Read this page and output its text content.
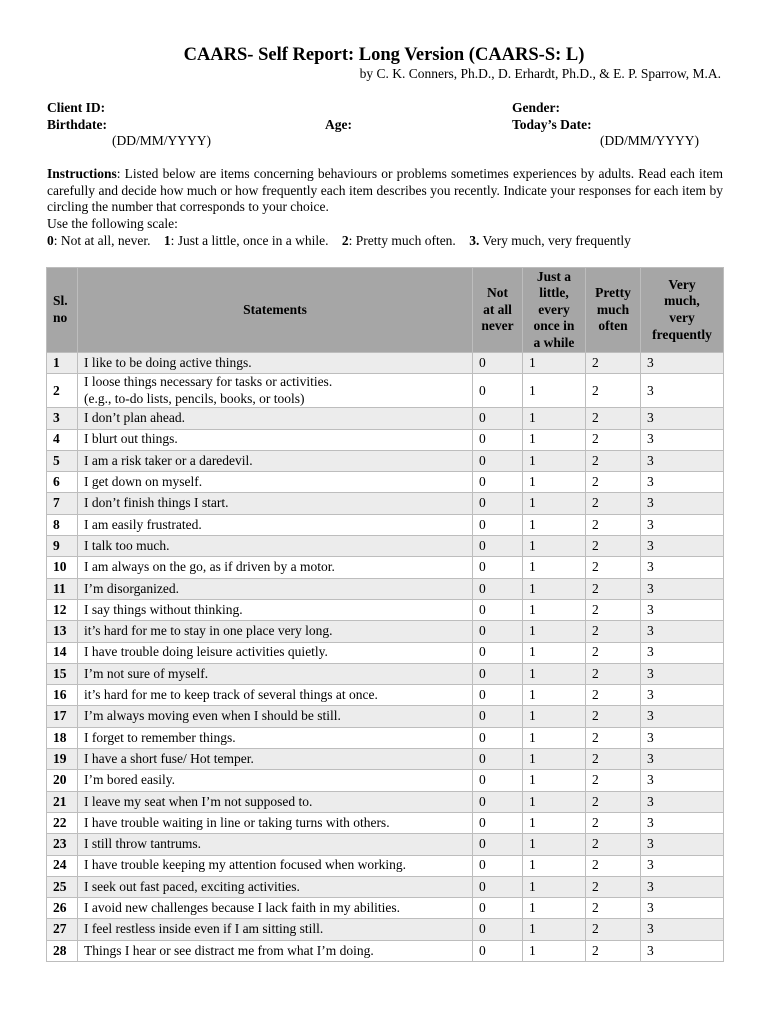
CAARS- Self Report: Long Version (CAARS-S: L)
by C. K. Conners, Ph.D., D. Erhardt, Ph.D., & E. P. Sparrow, M.A.
Client ID:	Gender:
Birthdate:	Age:	Today’s Date:
(DD/MM/YYYY)	(DD/MM/YYYY)

Instructions: Listed below are items concerning behaviours or problems sometimes experiences by adults. Read each item carefully and decide how much or how frequently each item describes you recently. Indicate your responses for each item by circling the number that corresponds to your choice.

Use the following scale:

0: Not at all, never. 1: Just a little, once in a while. 2: Pretty much often. 3. Very much, very frequently
Sl.
no	Statements	Not
at all
never	Just a
little,
every
once in
a while	Pretty
much
often	Very
much,
very
frequently
1	I like to be doing active things.	0	1	2	3
2	I loose things necessary for tasks or activities.
(e.g., to-do lists, pencils, books, or tools)	0	1	2	3
3	I don’t plan ahead.	0	1	2	3
4	I blurt out things.	0	1	2	3
5	I am a risk taker or a daredevil.	0	1	2	3
6	I get down on myself.	0	1	2	3
7	I don’t finish things I start.	0	1	2	3
8	I am easily frustrated.	0	1	2	3
9	I talk too much.	0	1	2	3
10	I am always on the go, as if driven by a motor.	0	1	2	3
11	I’m disorganized.	0	1	2	3
12	I say things without thinking.	0	1	2	3
13	it’s hard for me to stay in one place very long.	0	1	2	3
14	I have trouble doing leisure activities quietly.	0	1	2	3
15	I’m not sure of myself.	0	1	2	3
16	it’s hard for me to keep track of several things at once.	0	1	2	3
17	I’m always moving even when I should be still.	0	1	2	3
18	I forget to remember things.	0	1	2	3
19	I have a short fuse/ Hot temper.	0	1	2	3
20	I’m bored easily.	0	1	2	3
21	I leave my seat when I’m not supposed to.	0	1	2	3
22	I have trouble waiting in line or taking turns with others.	0	1	2	3
23	I still throw tantrums.	0	1	2	3
24	I have trouble keeping my attention focused when working.	0	1	2	3
25	I seek out fast paced, exciting activities.	0	1	2	3
26	I avoid new challenges because I lack faith in my abilities.	0	1	2	3
27	I feel restless inside even if I am sitting still.	0	1	2	3
28	Things I hear or see distract me from what I’m doing.	0	1	2	3
